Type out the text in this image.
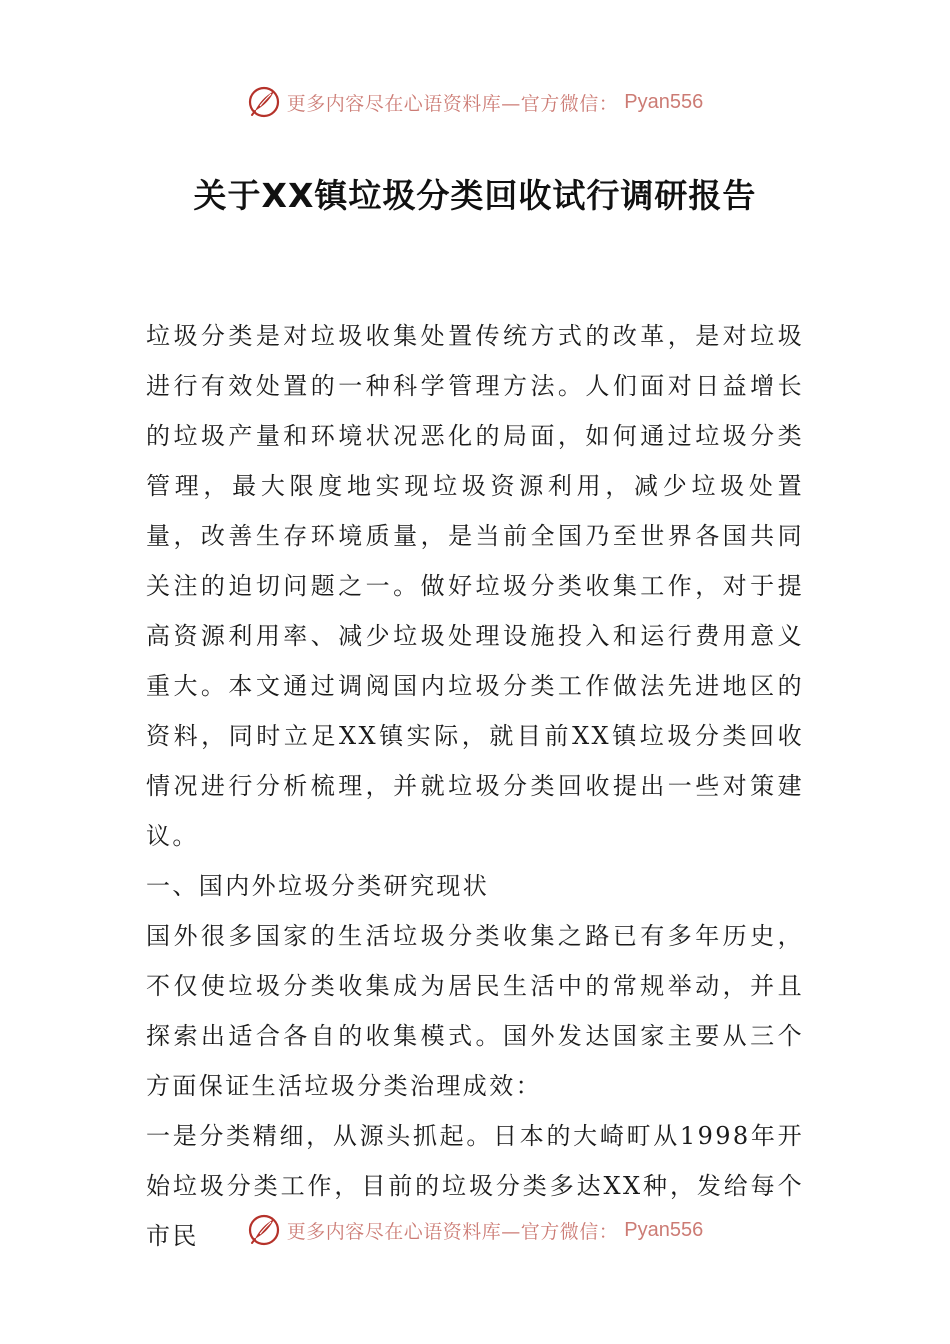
更多内容尽在心语资料库—官方微信： Pyan556
关于XX镇垃圾分类回收试行调研报告

垃圾分类是对垃圾收集处置传统方式的改革，是对垃圾进行有效处置的一种科学管理方法。人们面对日益增长的垃圾产量和环境状况恶化的局面，如何通过垃圾分类管理，最大限度地实现垃圾资源利用，减少垃圾处置量，改善生存环境质量，是当前全国乃至世界各国共同关注的迫切问题之一。做好垃圾分类收集工作，对于提高资源利用率、减少垃圾处理设施投入和运行费用意义重大。本文通过调阅国内垃圾分类工作做法先进地区的资料，同时立足XX镇实际，就目前XX镇垃圾分类回收情况进行分析梳理，并就垃圾分类回收提出一些对策建议。

一、国内外垃圾分类研究现状

国外很多国家的生活垃圾分类收集之路已有多年历史，不仅使垃圾分类收集成为居民生活中的常规举动，并且探索出适合各自的收集模式。国外发达国家主要从三个方面保证生活垃圾分类治理成效：

一是分类精细，从源头抓起。日本的大崎町从1998年开始垃圾分类工作，目前的垃圾分类多达XX种，发给每个市民	更多内容尽在心语资料库—官方微信： Pyan556
